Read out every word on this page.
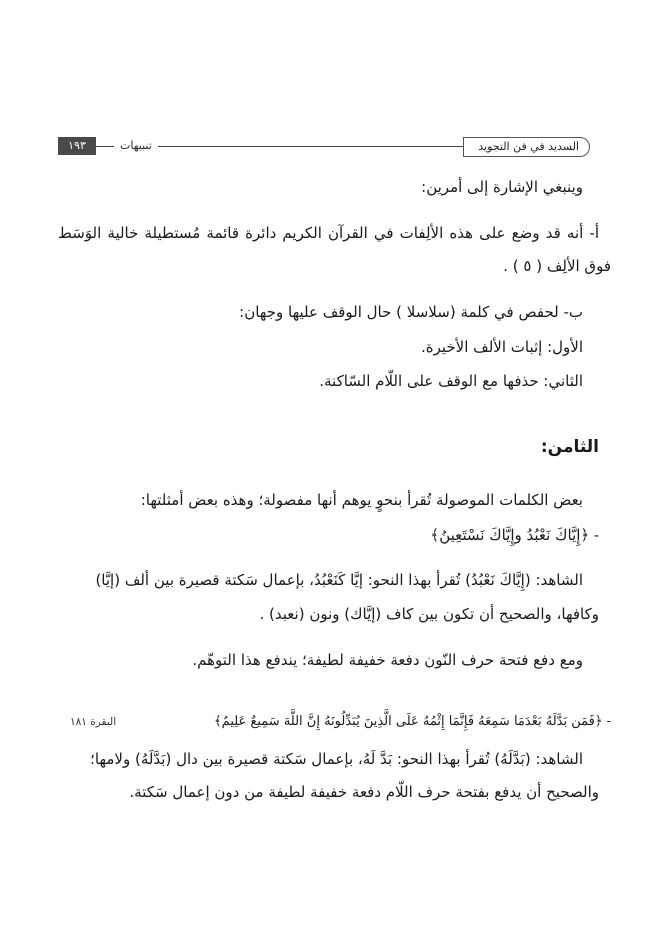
السديد في فن التجويد
تنبيهات
١٩٣
وينبغي الإشارة إلى أمرين:
أ- أنه قد وضع على هذه الألِفات في القرآن الكريم دائرة قائمة مُستطيلة خالية الوَسَط
فوق الألِف ( ٥ ) .
ب- لحفص في كلمة (سلاسلا ) حال الوقف عليها وجهان:
الأول: إثبات الألف الأخيرة.
الثاني: حذفها مع الوقف على اللّام السّاكنة.
الثامن:
بعض الكلمات الموصولة تُقرأ بنحوٍ يوهم أنها مفصولة؛ وهذه بعض أمثلتها:
- ﴿إِيَّاكَ نَعْبُدُ وإِيَّاكَ نَسْتَعِينُ﴾
الشاهد: (إِيَّاكَ نَعْبُدُ) تُقرأ بهذا النحو: إيَّا كَنَعْبُدُ، بإعمال سَكتة قصيرة بين ألف (إيَّا)
وكافها، والصحيح أن تكون بين كاف (إيَّاك) ونون (نعبد) .
ومع دفع فتحة حرف النّون دفعة خفيفة لطيفة؛ يندفع هذا التوهّم.
- ﴿فَمَن بَدَّلَهُ بَعْدَمَا سَمِعَهُ فَإِنَّمَا إِثْمُهُ عَلَى الَّذِينَ يُبَدِّلُونَهُ إِنَّ اللَّهَ سَمِيعٌ عَلِيمٌ﴾
البقرة ١٨١
الشاهد: (بَدَّلَهُ) تُقرأ بهذا النحو: بَدَّ لَهُ، بإعمال سَكتة قصيرة بين دال (بَدَّلَهُ) ولامها؛
والصحيح أن يدفع بفتحة حرف اللّام دفعة خفيفة لطيفة من دون إعمال سَكتة.
